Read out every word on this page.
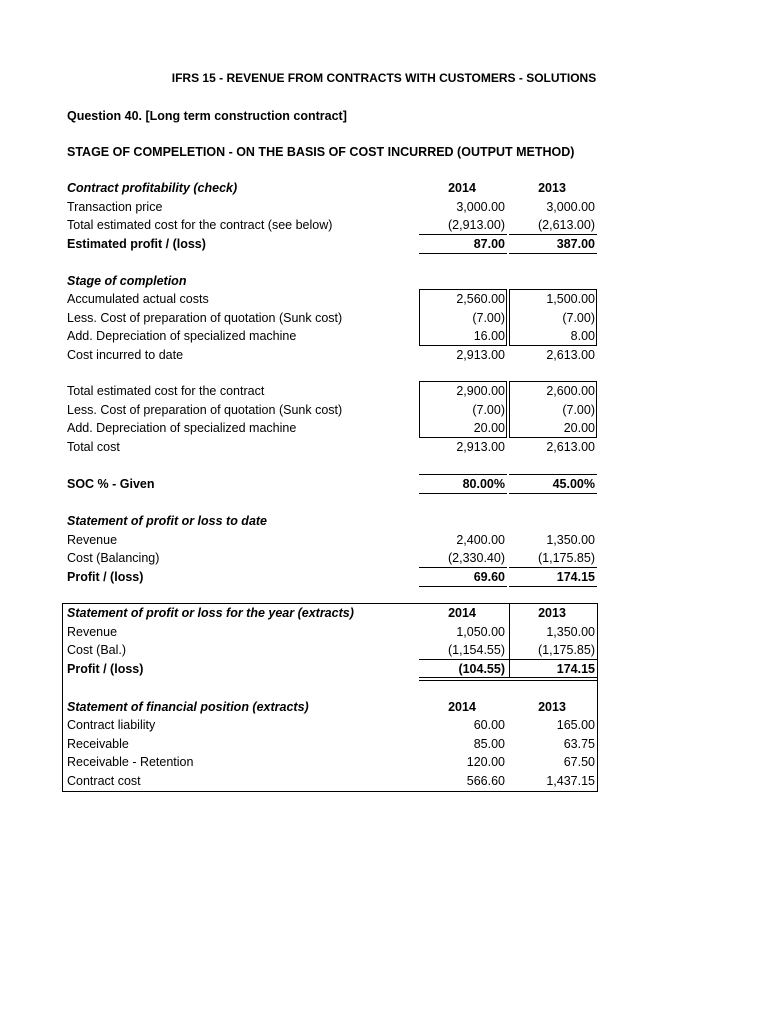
IFRS 15 - REVENUE FROM CONTRACTS WITH CUSTOMERS - SOLUTIONS
Question 40. [Long term construction contract]
STAGE OF COMPELETION - ON THE BASIS OF COST INCURRED (OUTPUT METHOD)
Contract profitability (check)	2014	2013
Transaction price	3,000.00	3,000.00
Total estimated cost for the contract (see below)	(2,913.00)	(2,613.00)
Estimated profit / (loss)	87.00	387.00
Stage of completion
Accumulated actual costs	2,560.00	1,500.00
Less. Cost of preparation of quotation (Sunk cost)	(7.00)	(7.00)
Add. Depreciation of specialized machine	16.00	8.00
Cost incurred to date	2,913.00	2,613.00
Total estimated cost for the contract	2,900.00	2,600.00
Less. Cost of preparation of quotation (Sunk cost)	(7.00)	(7.00)
Add. Depreciation of specialized machine	20.00	20.00
Total cost	2,913.00	2,613.00
SOC % - Given	80.00%	45.00%
Statement of profit or loss to date
Revenue	2,400.00	1,350.00
Cost (Balancing)	(2,330.40)	(1,175.85)
Profit / (loss)	69.60	174.15
Statement of profit or loss for the year (extracts)	2014	2013
Revenue	1,050.00	1,350.00
Cost (Bal.)	(1,154.55)	(1,175.85)
Profit / (loss)	(104.55)	174.15
Statement of financial position (extracts)	2014	2013
Contract liability	60.00	165.00
Receivable	85.00	63.75
Receivable - Retention	120.00	67.50
Contract cost	566.60	1,437.15
